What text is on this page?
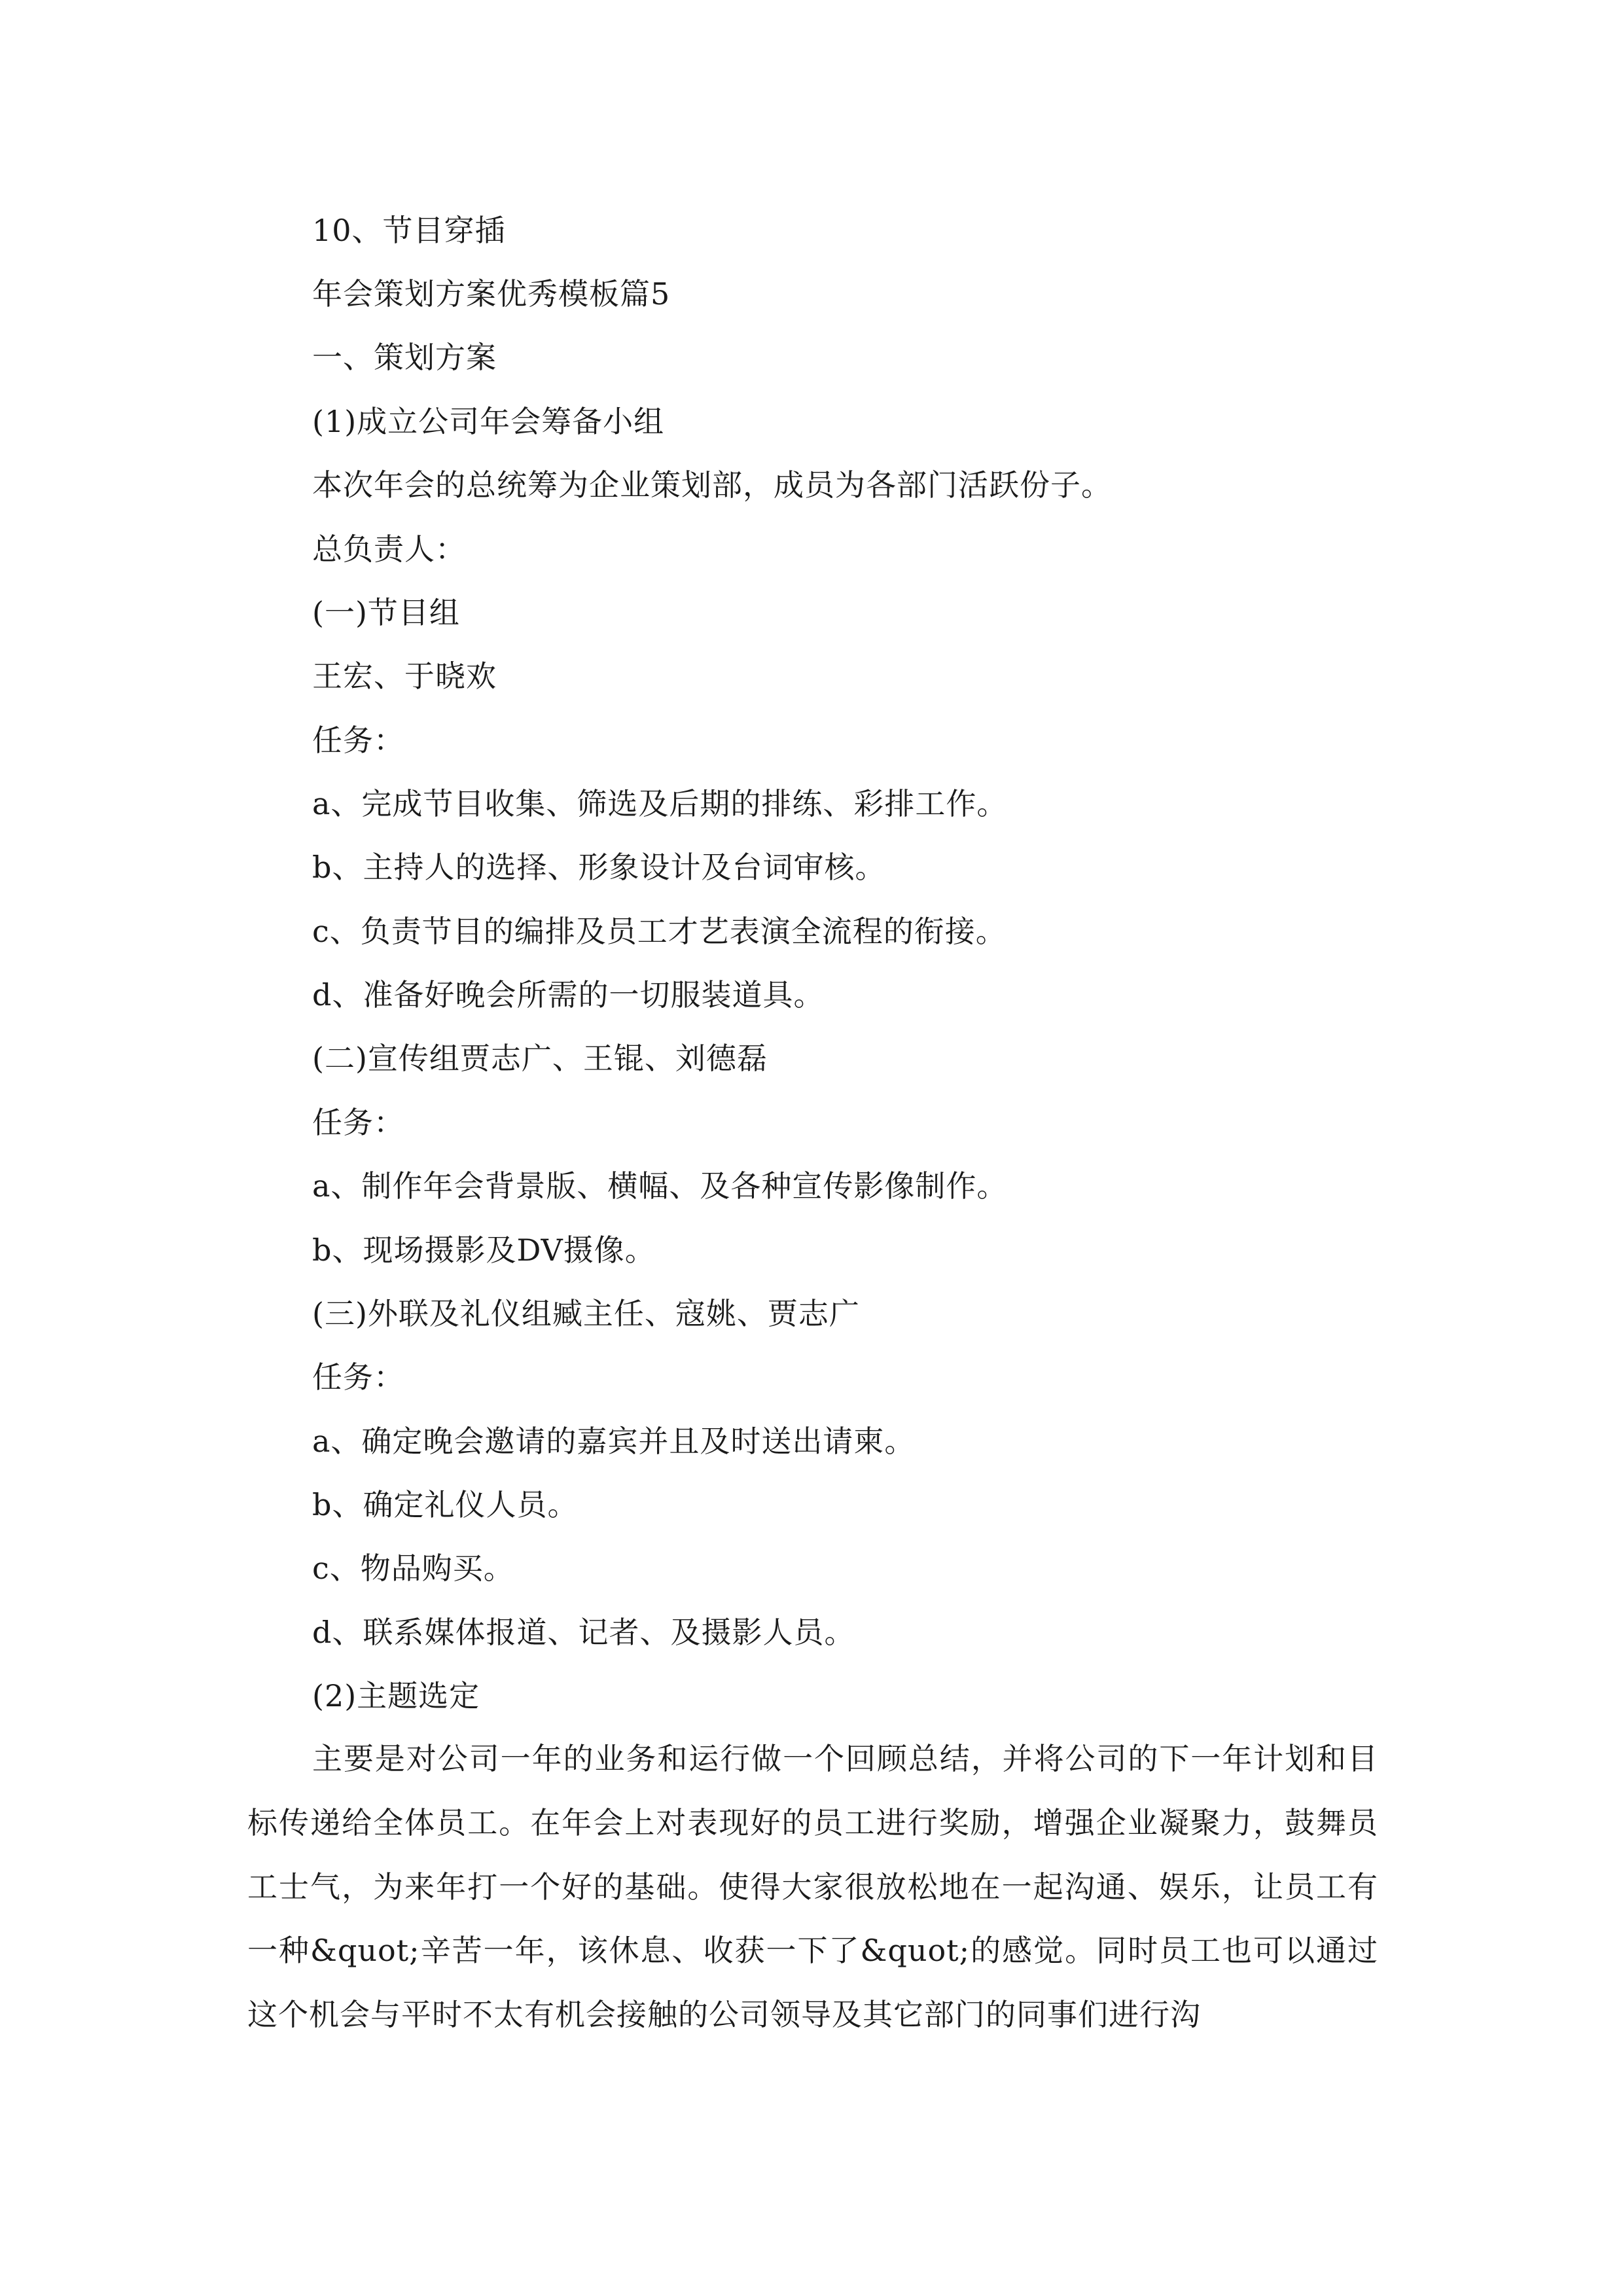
10、节目穿插
年会策划方案优秀模板篇5
一、策划方案
(1)成立公司年会筹备小组
本次年会的总统筹为企业策划部，成员为各部门活跃份子。
总负责人：
(一)节目组
王宏、于晓欢
任务：
a、完成节目收集、筛选及后期的排练、彩排工作。
b、主持人的选择、形象设计及台词审核。
c、负责节目的编排及员工才艺表演全流程的衔接。
d、准备好晚会所需的一切服装道具。
(二)宣传组贾志广、王锟、刘德磊
任务：
a、制作年会背景版、横幅、及各种宣传影像制作。
b、现场摄影及DV摄像。
(三)外联及礼仪组臧主任、寇姚、贾志广
任务：
a、确定晚会邀请的嘉宾并且及时送出请柬。
b、确定礼仪人员。
c、物品购买。
d、联系媒体报道、记者、及摄影人员。
(2)主题选定
主要是对公司一年的业务和运行做一个回顾总结，并将公司的下一年计划和目标传递给全体员工。在年会上对表现好的员工进行奖励，增强企业凝聚力，鼓舞员工士气，为来年打一个好的基础。使得大家很放松地在一起沟通、娱乐，让员工有一种&quot;辛苦一年，该休息、收获一下了&quot;的感觉。同时员工也可以通过这个机会与平时不太有机会接触的公司领导及其它部门的同事们进行沟
